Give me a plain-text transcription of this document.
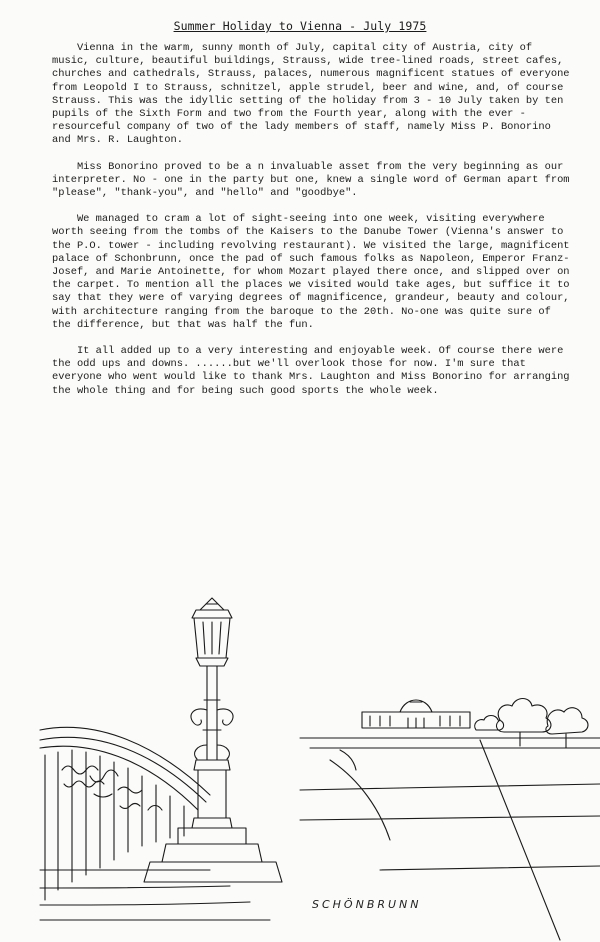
Summer Holiday to Vienna - July 1975

Vienna in the warm, sunny month of July, capital city of Austria, city of music, culture, beautiful buildings, Strauss, wide tree-lined roads, street cafes, churches and cathedrals, Strauss, palaces, numerous magnificent statues of everyone from Leopold I to Strauss, schnitzel, apple strudel, beer and wine, and, of course Strauss. This was the idyllic setting of the holiday from 3 - 10 July taken by ten pupils of the Sixth Form and two from the Fourth year, along with the ever - resourceful company of two of the lady members of staff, namely Miss P. Bonorino and Mrs. R. Laughton.

Miss Bonorino proved to be a n invaluable asset from the very beginning as our interpreter. No - one in the party but one, knew a single word of German apart from "please", "thank-you", and "hello" and "goodbye".

We managed to cram a lot of sight-seeing into one week, visiting everywhere worth seeing from the tombs of the Kaisers to the Danube Tower (Vienna's answer to the P.O. tower - including revolving restaurant). We visited the large, magnificent palace of Schonbrunn, once the pad of such famous folks as Napoleon, Emperor Franz-Josef, and Marie Antoinette, for whom Mozart played there once, and slipped over on the carpet. To mention all the places we visited would take ages, but suffice it to say that they were of varying degrees of magnificence, grandeur, beauty and colour, with architecture ranging from the baroque to the 20th. No-one was quite sure of the difference, but that was half the fun.

It all added up to a very interesting and enjoyable week. Of course there were the odd ups and downs. ......but we'll overlook those for now. I'm sure that everyone who went would like to thank Mrs. Laughton and Miss Bonorino for arranging the whole thing and for being such good sports the whole week.

SCHÖNBRUNN
